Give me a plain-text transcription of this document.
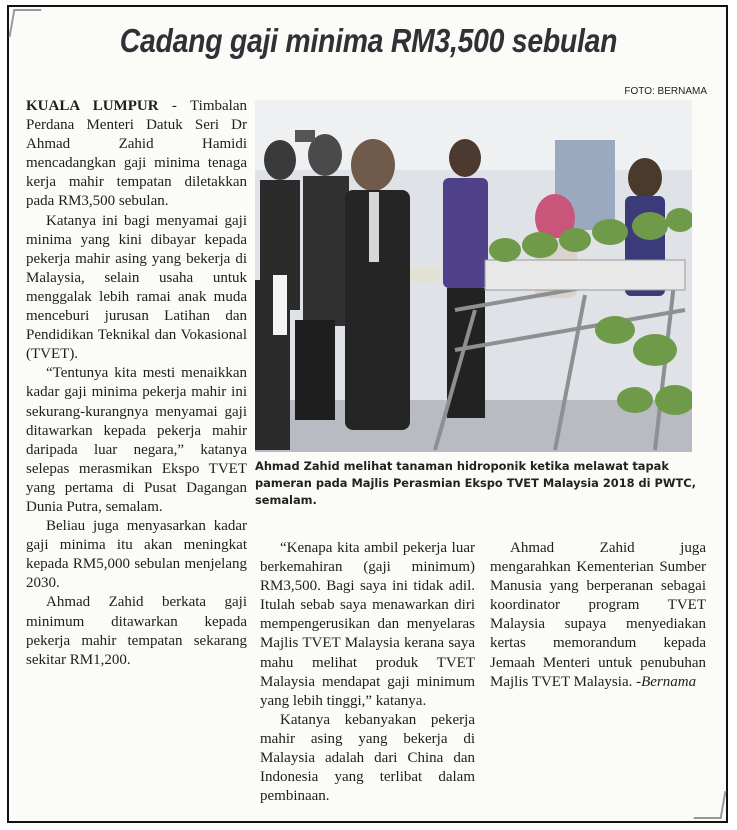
Cadang gaji minima RM3,500 sebulan
FOTO: BERNAMA
Ahmad Zahid melihat tanaman hidroponik ketika melawat tapak pameran pada Majlis Perasmian Ekspo TVET Malaysia 2018 di PWTC, semalam.

KUALA LUMPUR - Timbalan Perdana Menteri Datuk Seri Dr Ahmad Zahid Hamidi mencadangkan gaji minima tenaga kerja mahir tempatan diletakkan pada RM3,500 sebulan.

Katanya ini bagi menyamai gaji minima yang kini dibayar kepada pekerja mahir asing yang bekerja di Malaysia, selain usaha untuk menggalak lebih ramai anak muda menceburi jurusan Latihan dan Pendidikan Teknikal dan Vokasional (TVET).

“Tentunya kita mesti menaikkan kadar gaji minima pekerja mahir ini sekurang-kurangnya menyamai gaji ditawarkan kepada pekerja mahir daripada luar negara,” katanya selepas merasmikan Ekspo TVET yang pertama di Pusat Dagangan Dunia Putra, semalam.

Beliau juga menyasarkan kadar gaji minima itu akan meningkat kepada RM5,000 sebulan menjelang 2030.

Ahmad Zahid berkata gaji minimum ditawarkan kepada pekerja mahir tempatan sekarang sekitar RM1,200.

“Kenapa kita ambil pekerja luar berkemahiran (gaji minimum) RM3,500. Bagi saya ini tidak adil. Itulah sebab saya menawarkan diri mempengerusikan dan menyelaras Majlis TVET Malaysia kerana saya mahu melihat produk TVET Malaysia mendapat gaji minimum yang lebih tinggi,” katanya.

Katanya kebanyakan pekerja mahir asing yang bekerja di Malaysia adalah dari China dan Indonesia yang terlibat dalam pembinaan.

Ahmad Zahid juga mengarahkan Kementerian Sumber Manusia yang berperanan sebagai koordinator program TVET Malaysia supaya menyediakan kertas memorandum kepada Jemaah Menteri untuk penubuhan Majlis TVET Malaysia. -Bernama
